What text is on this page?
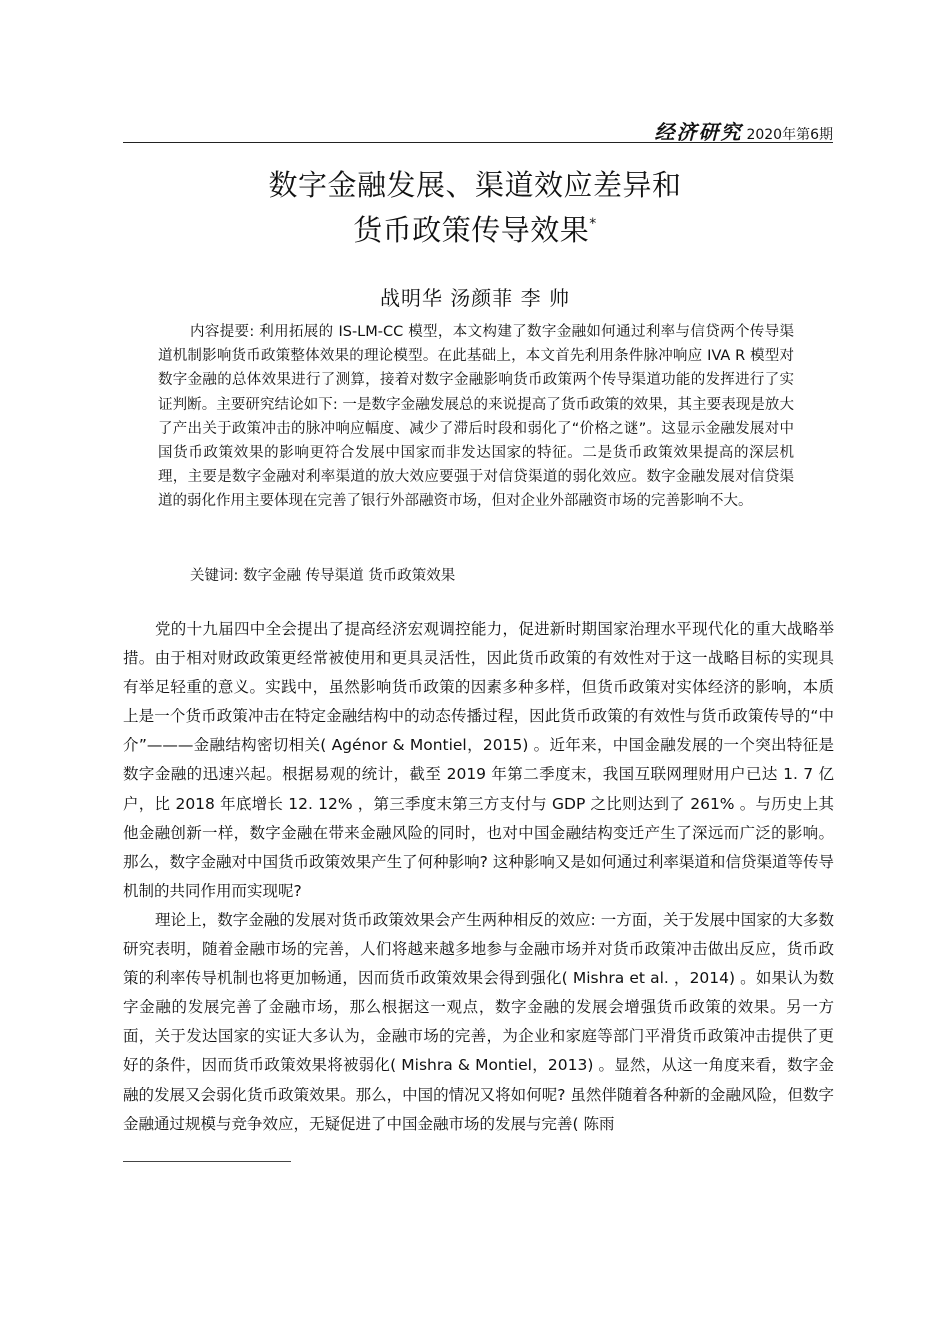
经济研究 2020年第6期
数字金融发展、渠道效应差异和
货币政策传导效果*
战明华 汤颜菲 李 帅
内容提要: 利用拓展的 IS-LM-CC 模型，本文构建了数字金融如何通过利率与信贷两个传导渠道机制影响货币政策整体效果的理论模型。在此基础上，本文首先利用条件脉冲响应 IVA R 模型对数字金融的总体效果进行了测算，接着对数字金融影响货币政策两个传导渠道功能的发挥进行了实证判断。主要研究结论如下: 一是数字金融发展总的来说提高了货币政策的效果，其主要表现是放大了产出关于政策冲击的脉冲响应幅度、减少了滞后时段和弱化了“价格之谜”。这显示金融发展对中国货币政策效果的影响更符合发展中国家而非发达国家的特征。二是货币政策效果提高的深层机理，主要是数字金融对利率渠道的放大效应要强于对信贷渠道的弱化效应。数字金融发展对信贷渠道的弱化作用主要体现在完善了银行外部融资市场，但对企业外部融资市场的完善影响不大。
关键词: 数字金融 传导渠道 货币政策效果

党的十九届四中全会提出了提高经济宏观调控能力，促进新时期国家治理水平现代化的重大战略举措。由于相对财政政策更经常被使用和更具灵活性，因此货币政策的有效性对于这一战略目标的实现具有举足轻重的意义。实践中，虽然影响货币政策的因素多种多样，但货币政策对实体经济的影响，本质上是一个货币政策冲击在特定金融结构中的动态传播过程，因此货币政策的有效性与货币政策传导的“中介”———金融结构密切相关( Agénor & Montiel，2015) 。近年来，中国金融发展的一个突出特征是数字金融的迅速兴起。根据易观的统计，截至 2019 年第二季度末，我国互联网理财用户已达 1. 7 亿户，比 2018 年底增长 12. 12% ，第三季度末第三方支付与 GDP 之比则达到了 261% 。与历史上其他金融创新一样，数字金融在带来金融风险的同时，也对中国金融结构变迁产生了深远而广泛的影响。那么，数字金融对中国货币政策效果产生了何种影响? 这种影响又是如何通过利率渠道和信贷渠道等传导机制的共同作用而实现呢?

理论上，数字金融的发展对货币政策效果会产生两种相反的效应: 一方面，关于发展中国家的大多数研究表明，随着金融市场的完善，人们将越来越多地参与金融市场并对货币政策冲击做出反应，货币政策的利率传导机制也将更加畅通，因而货币政策效果会得到强化( Mishra et al. ，2014) 。如果认为数字金融的发展完善了金融市场，那么根据这一观点，数字金融的发展会增强货币政策的效果。另一方面，关于发达国家的实证大多认为，金融市场的完善，为企业和家庭等部门平滑货币政策冲击提供了更好的条件，因而货币政策效果将被弱化( Mishra & Montiel，2013) 。显然，从这一角度来看，数字金融的发展又会弱化货币政策效果。那么，中国的情况又将如何呢? 虽然伴随着各种新的金融风险，但数字金融通过规模与竞争效应，无疑促进了中国金融市场的发展与完善( 陈雨
